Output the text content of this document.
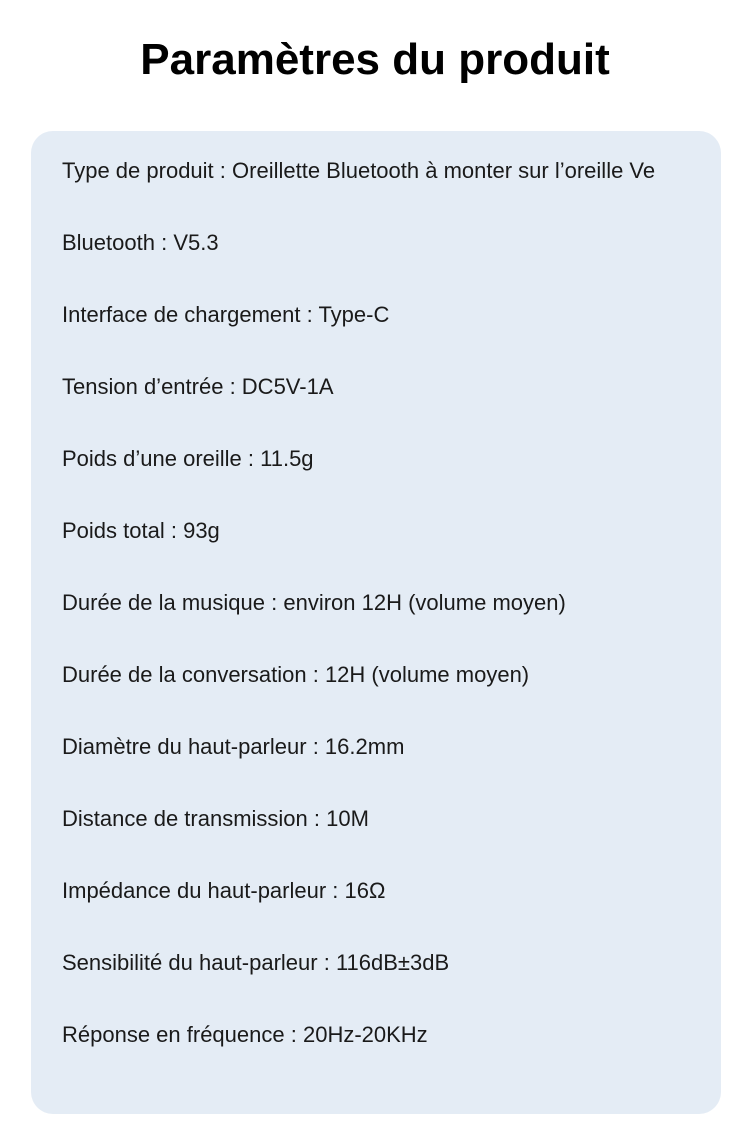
Paramètres du produit
Type de produit : Oreillette Bluetooth à monter sur l’oreille Ve
Bluetooth : V5.3
Interface de chargement : Type-C
Tension d’entrée : DC5V-1A
Poids d’une oreille : 11.5g
Poids total : 93g
Durée de la musique : environ 12H (volume moyen)
Durée de la conversation : 12H (volume moyen)
Diamètre du haut-parleur : 16.2mm
Distance de transmission : 10M
Impédance du haut-parleur : 16Ω
Sensibilité du haut-parleur : 116dB±3dB
Réponse en fréquence : 20Hz-20KHz
